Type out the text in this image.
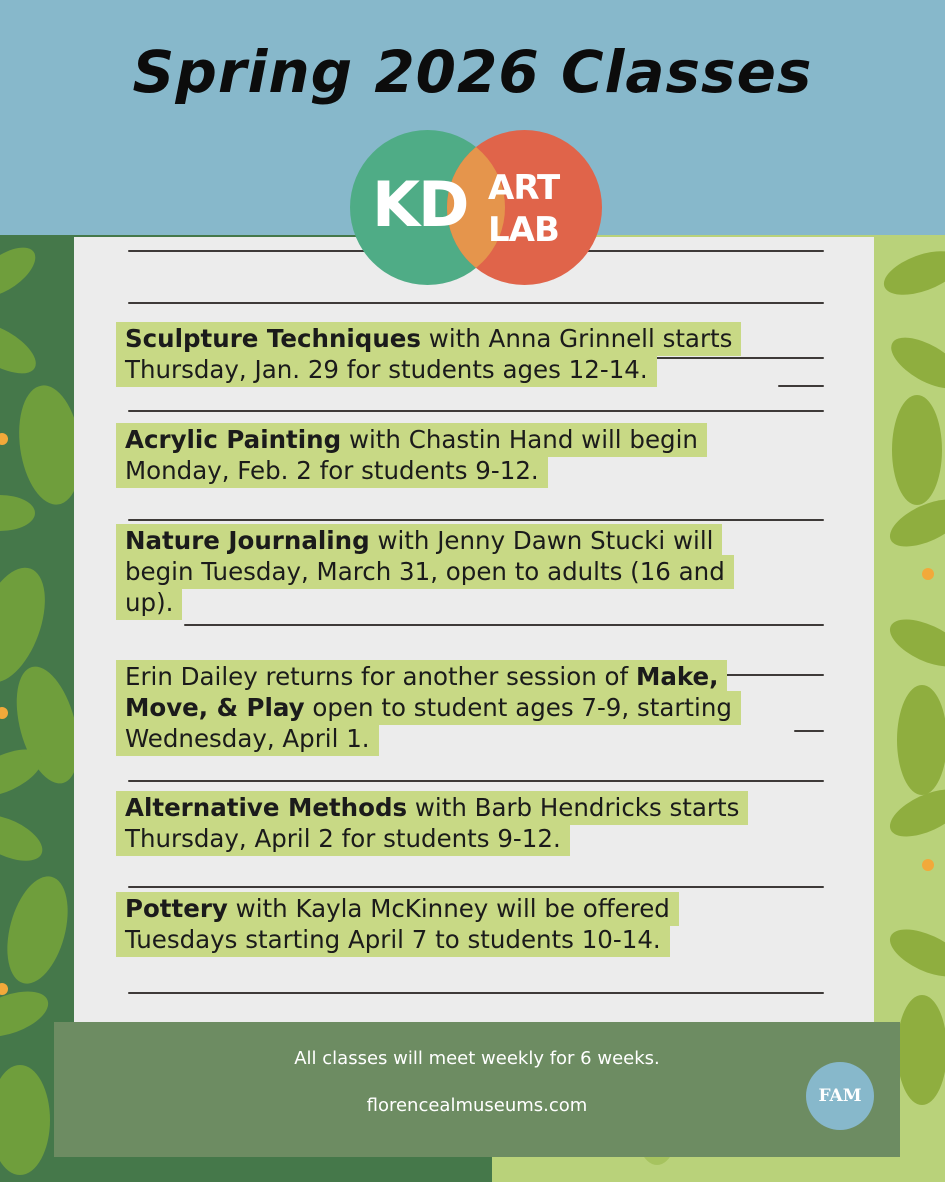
Spring 2026 Classes
KD ART
LAB
Sculpture Techniques with Anna Grinnell starts
Thursday, Jan. 29 for students ages 12-14.
Acrylic Painting with Chastin Hand will begin
Monday, Feb. 2 for students 9-12.
Nature Journaling with Jenny Dawn Stucki will
begin Tuesday, March 31, open to adults (16 and
up).
Erin Dailey returns for another session of Make,
Move, & Play open to student ages 7-9, starting
Wednesday, April 1.
Alternative Methods with Barb Hendricks starts
Thursday, April 2 for students 9-12.
Pottery with Kayla McKinney will be offered
Tuesdays starting April 7 to students 10-14.
All classes will meet weekly for 6 weeks.
florencealmuseums.com	FAM
